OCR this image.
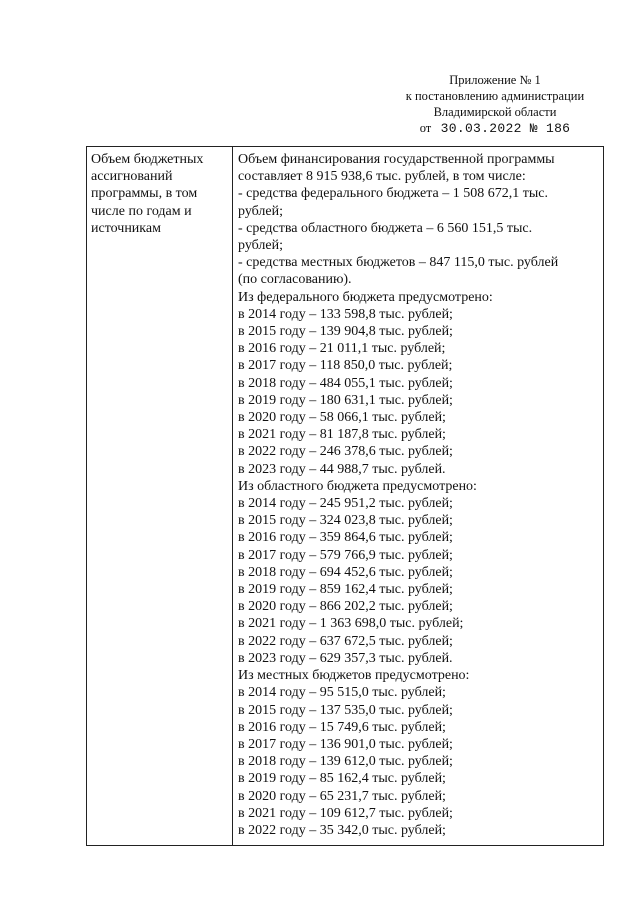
Приложение № 1
к постановлению администрации
Владимирской области
от 30.03.2022 № 186
Объем бюджетных
ассигнований
программы, в том
числе по годам и
источникам
Объем финансирования государственной программы
составляет 8 915 938,6 тыс. рублей, в том числе:
- средства федерального бюджета – 1 508 672,1 тыс.
рублей;
- средства областного бюджета – 6 560 151,5 тыс.
рублей;
- средства местных бюджетов – 847 115,0 тыс. рублей
(по согласованию).
Из федерального бюджета предусмотрено:
в 2014 году – 133 598,8 тыс. рублей;
в 2015 году – 139 904,8 тыс. рублей;
в 2016 году – 21 011,1 тыс. рублей;
в 2017 году – 118 850,0 тыс. рублей;
в 2018 году – 484 055,1 тыс. рублей;
в 2019 году – 180 631,1 тыс. рублей;
в 2020 году – 58 066,1 тыс. рублей;
в 2021 году – 81 187,8 тыс. рублей;
в 2022 году – 246 378,6 тыс. рублей;
в 2023 году – 44 988,7 тыс. рублей.
Из областного бюджета предусмотрено:
в 2014 году – 245 951,2 тыс. рублей;
в 2015 году – 324 023,8 тыс. рублей;
в 2016 году – 359 864,6 тыс. рублей;
в 2017 году – 579 766,9 тыс. рублей;
в 2018 году – 694 452,6 тыс. рублей;
в 2019 году – 859 162,4 тыс. рублей;
в 2020 году – 866 202,2 тыс. рублей;
в 2021 году – 1 363 698,0 тыс. рублей;
в 2022 году – 637 672,5 тыс. рублей;
в 2023 году – 629 357,3 тыс. рублей.
Из местных бюджетов предусмотрено:
в 2014 году – 95 515,0 тыс. рублей;
в 2015 году – 137 535,0 тыс. рублей;
в 2016 году – 15 749,6 тыс. рублей;
в 2017 году – 136 901,0 тыс. рублей;
в 2018 году – 139 612,0 тыс. рублей;
в 2019 году – 85 162,4 тыс. рублей;
в 2020 году – 65 231,7 тыс. рублей;
в 2021 году – 109 612,7 тыс. рублей;
в 2022 году – 35 342,0 тыс. рублей;
